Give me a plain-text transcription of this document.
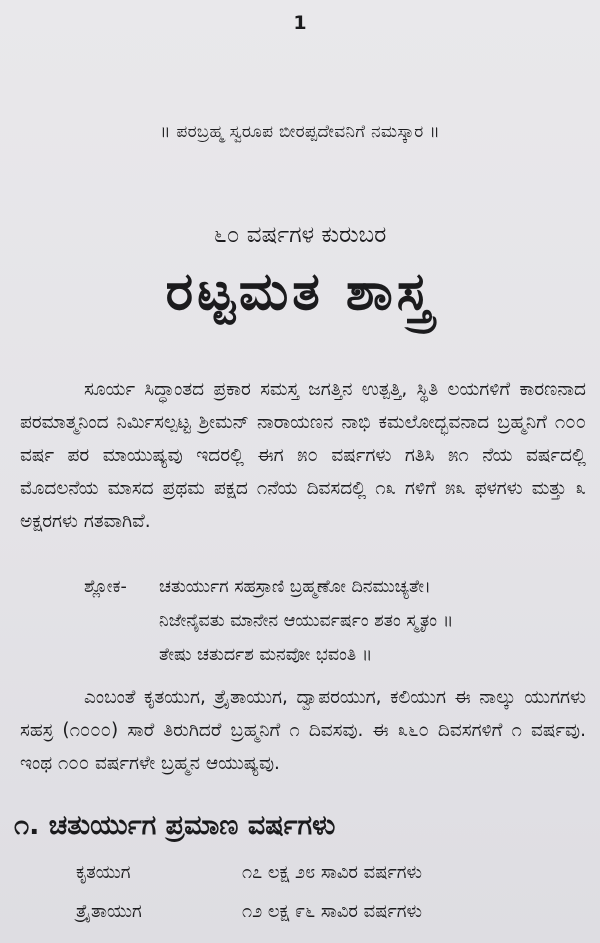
1
॥ ಪರಬ್ರಹ್ಮ ಸ್ವರೂಪ ಬೀರಪ್ಪದೇವನಿಗೆ ನಮಸ್ಕಾರ ॥
೬೦ ವರ್ಷಗಳ ಕುರುಬರ
ರಟ್ಟಮತ ಶಾಸ್ತ್ರ

ಸೂರ್ಯ ಸಿದ್ಧಾಂತದ ಪ್ರಕಾರ ಸಮಸ್ತ ಜಗತ್ತಿನ ಉತ್ಪತ್ತಿ, ಸ್ಥಿತಿ ಲಯಗಳಿಗೆ ಕಾರಣನಾದ ಪರಮಾತ್ಮನಿಂದ ನಿರ್ಮಿಸಲ್ಪಟ್ಟ ಶ್ರೀಮನ್ ನಾರಾಯಣನ ನಾಭಿ ಕಮಲೋದ್ಭವನಾದ ಬ್ರಹ್ಮನಿಗೆ ೧೦೦ ವರ್ಷ ಪರ ಮಾಯುಷ್ಯವು ಇದರಲ್ಲಿ ಈಗ ೫೦ ವರ್ಷಗಳು ಗತಿಸಿ ೫೧ ನೆಯ ವರ್ಷದಲ್ಲಿ ಮೊದಲನೆಯ ಮಾಸದ ಪ್ರಥಮ ಪಕ್ಷದ ೧ನೆಯ ದಿವಸದಲ್ಲಿ ೧೩ ಗಳಿಗೆ ೫೩ ಫಳಗಳು ಮತ್ತು ೩ ಅಕ್ಷರಗಳು ಗತವಾಗಿವೆ.

ಶ್ಲೋಕ-	ಚತುರ್ಯುಗ ಸಹಸ್ರಾಣಿ ಬ್ರಹ್ಮಣೋ ದಿನಮುಚ್ಯತೇ।
ನಿಜೇನೈವತು ಮಾನೇನ ಆಯುರ್ವರ್ಷಂ ಶತಂ ಸ್ಮೃತಂ ॥
ತೇಷು ಚತುರ್ದಶ ಮನವೋ ಭವಂತಿ ॥

ಎಂಬಂತೆ ಕೃತಯುಗ, ತ್ರೈತಾಯುಗ, ದ್ವಾಪರಯುಗ, ಕಲಿಯುಗ ಈ ನಾಲ್ಕು ಯುಗಗಳು ಸಹಸ್ರ (೧೦೦೦) ಸಾರೆ ತಿರುಗಿದರೆ ಬ್ರಹ್ಮನಿಗೆ ೧ ದಿವಸವು. ಈ ೩೬೦ ದಿವಸಗಳಿಗೆ ೧ ವರ್ಷವು. ಇಂಥ ೧೦೦ ವರ್ಷಗಳೇ ಬ್ರಹ್ಮನ ಆಯುಷ್ಯವು.

೧. ಚತುರ್ಯುಗ ಪ್ರಮಾಣ ವರ್ಷಗಳು
ಕೃತಯುಗ	೧೭ ಲಕ್ಷ ೨೮ ಸಾವಿರ ವರ್ಷಗಳು
ತ್ರೈತಾಯುಗ	೧೨ ಲಕ್ಷ ೯೬ ಸಾವಿರ ವರ್ಷಗಳು
